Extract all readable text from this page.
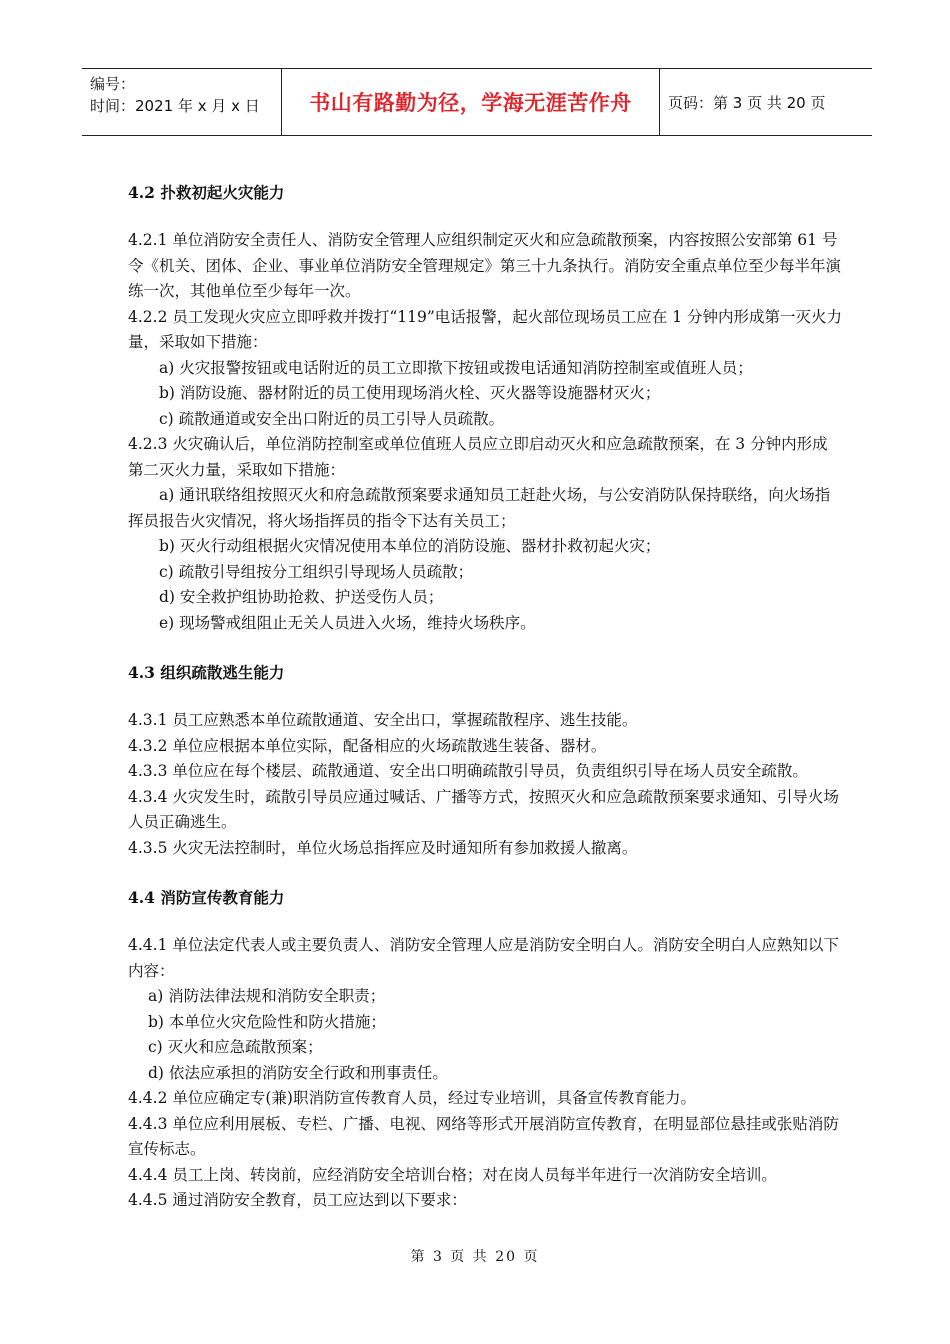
编号：
时间：2021 年 x 月 x 日	书山有路勤为径，学海无涯苦作舟	页码：第 3 页 共 20 页

4.2 扑救初起火灾能力

4.2.1 单位消防安全责任人、消防安全管理人应组织制定灭火和应急疏散预案，内容按照公安部第 61 号令《机关、团体、企业、事业单位消防安全管理规定》第三十九条执行。消防安全重点单位至少每半年演练一次，其他单位至少每年一次。

4.2.2 员工发现火灾应立即呼救并拨打“119”电话报警，起火部位现场员工应在 1 分钟内形成第一灭火力量，采取如下措施：

a) 火灾报警按钮或电话附近的员工立即揿下按钮或拨电话通知消防控制室或值班人员；

b) 消防设施、器材附近的员工使用现场消火栓、灭火器等设施器材灭火；

c) 疏散通道或安全出口附近的员工引导人员疏散。

4.2.3 火灾确认后，单位消防控制室或单位值班人员应立即启动灭火和应急疏散预案，在 3 分钟内形成第二灭火力量，采取如下措施：

a) 通讯联络组按照灭火和府急疏散预案要求通知员工赶赴火场，与公安消防队保持联络，向火场指挥员报告火灾情况，将火场指挥员的指令下达有关员工；

b) 灭火行动组根据火灾情况使用本单位的消防设施、器材扑救初起火灾；

c) 疏散引导组按分工组织引导现场人员疏散；

d) 安全救护组协助抢救、护送受伤人员；

e) 现场警戒组阻止无关人员进入火场，维持火场秩序。

4.3 组织疏散逃生能力

4.3.1 员工应熟悉本单位疏散通道、安全出口，掌握疏散程序、逃生技能。

4.3.2 单位应根据本单位实际，配备相应的火场疏散逃生装备、器材。

4.3.3 单位应在每个楼层、疏散通道、安全出口明确疏散引导员，负责组织引导在场人员安全疏散。

4.3.4 火灾发生时，疏散引导员应通过喊话、广播等方式，按照灭火和应急疏散预案要求通知、引导火场人员正确逃生。

4.3.5 火灾无法控制时，单位火场总指挥应及时通知所有参加救援人撤离。

4.4 消防宣传教育能力

4.4.1 单位法定代表人或主要负责人、消防安全管理人应是消防安全明白人。消防安全明白人应熟知以下内容：

a) 消防法律法规和消防安全职责；

b) 本单位火灾危险性和防火措施；

c) 灭火和应急疏散预案；

d) 依法应承担的消防安全行政和刑事责任。

4.4.2 单位应确定专(兼)职消防宣传教育人员，经过专业培训，具备宣传教育能力。

4.4.3 单位应利用展板、专栏、广播、电视、网络等形式开展消防宣传教育，在明显部位悬挂或张贴消防宣传标志。

4.4.4 员工上岗、转岗前，应经消防安全培训台格；对在岗人员每半年进行一次消防安全培训。

4.4.5 通过消防安全教育，员工应达到以下要求：

第 3 页 共 20 页
